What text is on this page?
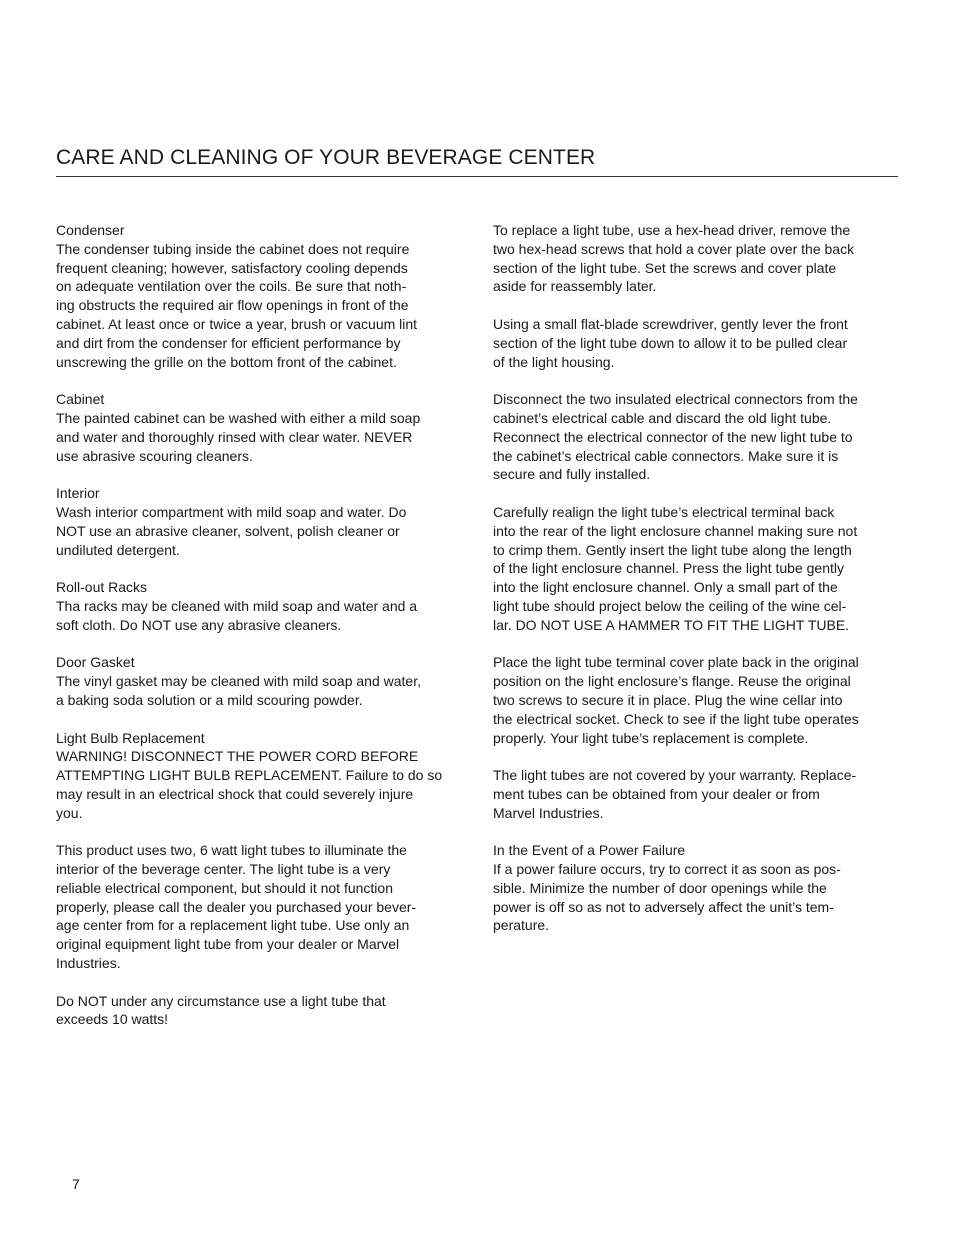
CARE AND CLEANING OF YOUR BEVERAGE CENTER
Condenser
The condenser tubing inside the cabinet does not require
frequent cleaning; however, satisfactory cooling depends
on adequate ventilation over the coils. Be sure that noth-
ing obstructs the required air flow openings in front of the
cabinet. At least once or twice a year, brush or vacuum lint
and dirt from the condenser for efficient performance by
unscrewing the grille on the bottom front of the cabinet.
Cabinet
The painted cabinet can be washed with either a mild soap
and water and thoroughly rinsed with clear water. NEVER
use abrasive scouring cleaners.
Interior
Wash interior compartment with mild soap and water. Do
NOT use an abrasive cleaner, solvent, polish cleaner or
undiluted detergent.
Roll-out Racks
Tha racks may be cleaned with mild soap and water and a
soft cloth. Do NOT use any abrasive cleaners.
Door Gasket
The vinyl gasket may be cleaned with mild soap and water,
a baking soda solution or a mild scouring powder.
Light Bulb Replacement
WARNING! DISCONNECT THE POWER CORD BEFORE
ATTEMPTING LIGHT BULB REPLACEMENT. Failure to do so
may result in an electrical shock that could severely injure
you.
This product uses two, 6 watt light tubes to illuminate the
interior of the beverage center. The light tube is a very
reliable electrical component, but should it not function
properly, please call the dealer you purchased your bever-
age center from for a replacement light tube. Use only an
original equipment light tube from your dealer or Marvel
Industries.
Do NOT under any circumstance use a light tube that
exceeds 10 watts!
To replace a light tube, use a hex-head driver, remove the
two hex-head screws that hold a cover plate over the back
section of the light tube. Set the screws and cover plate
aside for reassembly later.
Using a small flat-blade screwdriver, gently lever the front
section of the light tube down to allow it to be pulled clear
of the light housing.
Disconnect the two insulated electrical connectors from the
cabinet’s electrical cable and discard the old light tube.
Reconnect the electrical connector of the new light tube to
the cabinet’s electrical cable connectors. Make sure it is
secure and fully installed.
Carefully realign the light tube’s electrical terminal back
into the rear of the light enclosure channel making sure not
to crimp them. Gently insert the light tube along the length
of the light enclosure channel. Press the light tube gently
into the light enclosure channel. Only a small part of the
light tube should project below the ceiling of the wine cel-
lar. DO NOT USE A HAMMER TO FIT THE LIGHT TUBE.
Place the light tube terminal cover plate back in the original
position on the light enclosure’s flange. Reuse the original
two screws to secure it in place. Plug the wine cellar into
the electrical socket. Check to see if the light tube operates
properly. Your light tube’s replacement is complete.
The light tubes are not covered by your warranty. Replace-
ment tubes can be obtained from your dealer or from
Marvel Industries.
In the Event of a Power Failure
If a power failure occurs, try to correct it as soon as pos-
sible. Minimize the number of door openings while the
power is off so as not to adversely affect the unit’s tem-
perature.
7
